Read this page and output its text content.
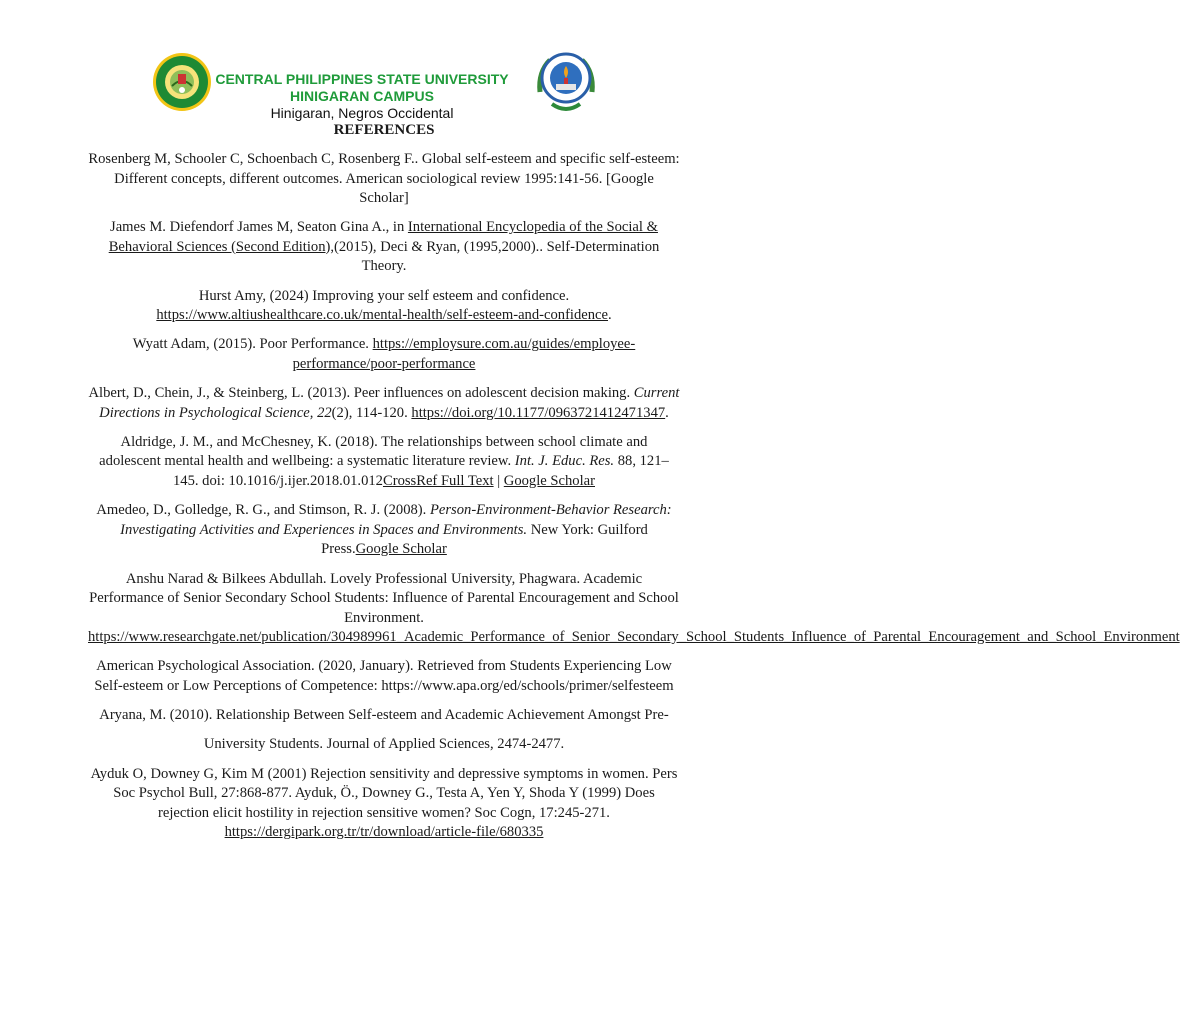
CENTRAL PHILIPPINES STATE UNIVERSITY
HINIGARAN CAMPUS
Hinigaran, Negros Occidental
REFERENCES

Rosenberg M, Schooler C, Schoenbach C, Rosenberg F.. Global self-esteem and specific self-esteem: Different concepts, different outcomes. American sociological review 1995:141-56. [Google Scholar]

James M. Diefendorf James M, Seaton Gina A., in International Encyclopedia of the Social & Behavioral Sciences (Second Edition),(2015), Deci & Ryan, (1995,2000).. Self-Determination Theory.

Hurst Amy, (2024) Improving your self esteem and confidence. https://www.altiushealthcare.co.uk/mental-health/self-esteem-and-confidence.

Wyatt Adam, (2015). Poor Performance. https://employsure.com.au/guides/employee-performance/poor-performance

Albert, D., Chein, J., & Steinberg, L. (2013). Peer influences on adolescent decision making. Current Directions in Psychological Science, 22(2), 114-120. https://doi.org/10.1177/0963721412471347.

Aldridge, J. M., and McChesney, K. (2018). The relationships between school climate and adolescent mental health and wellbeing: a systematic literature review. Int. J. Educ. Res. 88, 121–145. doi: 10.1016/j.ijer.2018.01.012CrossRef Full Text | Google Scholar

Amedeo, D., Golledge, R. G., and Stimson, R. J. (2008). Person-Environment-Behavior Research: Investigating Activities and Experiences in Spaces and Environments. New York: Guilford Press.Google Scholar

Anshu Narad & Bilkees Abdullah. Lovely Professional University, Phagwara. Academic Performance of Senior Secondary School Students: Influence of Parental Encouragement and School Environment. https://www.researchgate.net/publication/304989961_Academic_Performance_of_Senior_Secondary_School_Students_Influence_of_Parental_Encouragement_and_School_Environment

American Psychological Association. (2020, January). Retrieved from Students Experiencing Low Self-esteem or Low Perceptions of Competence: https://www.apa.org/ed/schools/primer/selfesteem

Aryana, M. (2010). Relationship Between Self-esteem and Academic Achievement Amongst Pre-

University Students. Journal of Applied Sciences, 2474-2477.

Ayduk O, Downey G, Kim M (2001) Rejection sensitivity and depressive symptoms in women. Pers Soc Psychol Bull, 27:868-877. Ayduk, Ö., Downey G., Testa A, Yen Y, Shoda Y (1999) Does rejection elicit hostility in rejection sensitive women? Soc Cogn, 17:245-271. https://dergipark.org.tr/tr/download/article-file/680335
